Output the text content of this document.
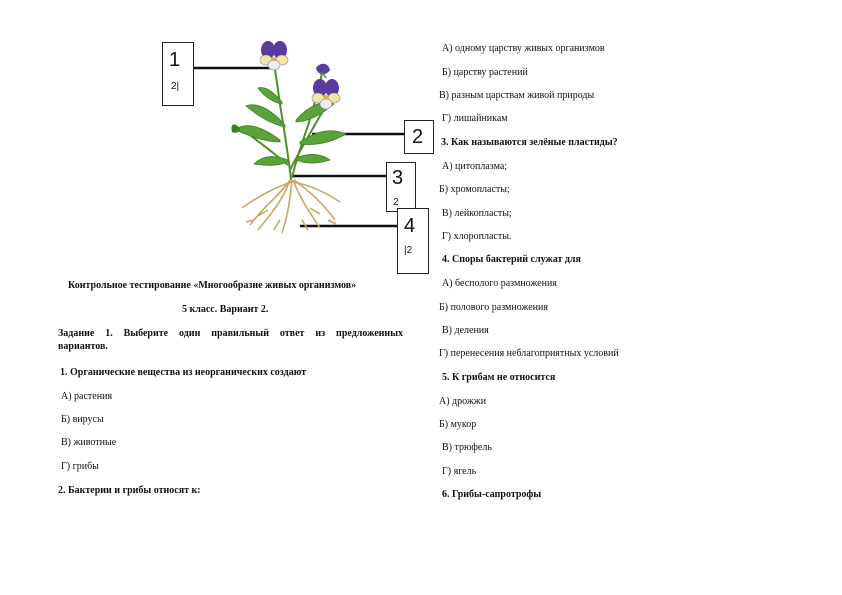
1
2|
2
3
2
4
|2
Контрольное тестирование «Многообразие живых организмов»
5 класс. Вариант 2.
Задание 1. Выберите один правильный ответ из предложенных
вариантов.
1. Органические вещества из неорганических создают
А) растения
Б) вирусы
В) животные
Г) грибы
2. Бактерии и грибы относят к:
А) одному царству живых организмов
Б) царству растений
В) разным царствам живой природы
Г) лишайникам
3. Как называются зелёные пластиды?
А) цитоплазма;
Б) хромопласты;
В) лейкопласты;
Г) хлоропласты.
4. Споры бактерий служат для
А) бесполого размножения
Б) полового размножения
В) деления
Г) перенесения неблагоприятных условий
5. К грибам не относится
А) дрожжи
Б) мукор
В) трюфель
Г) ягель
6. Грибы-сапротрофы
